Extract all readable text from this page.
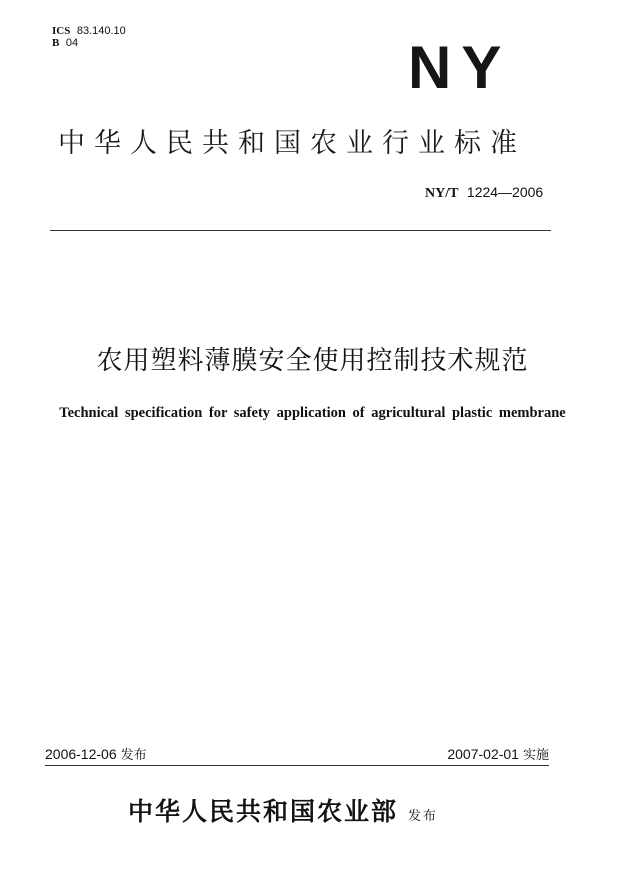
ICS 83.140.10
B 04	NY
中华人民共和国农业行业标准
NY/T 1224—2006
农用塑料薄膜安全使用控制技术规范
Technical specification for safety application of agricultural plastic membrane
2006-12-06 发布	2007-02-01 实施
中华人民共和国农业部 发布
